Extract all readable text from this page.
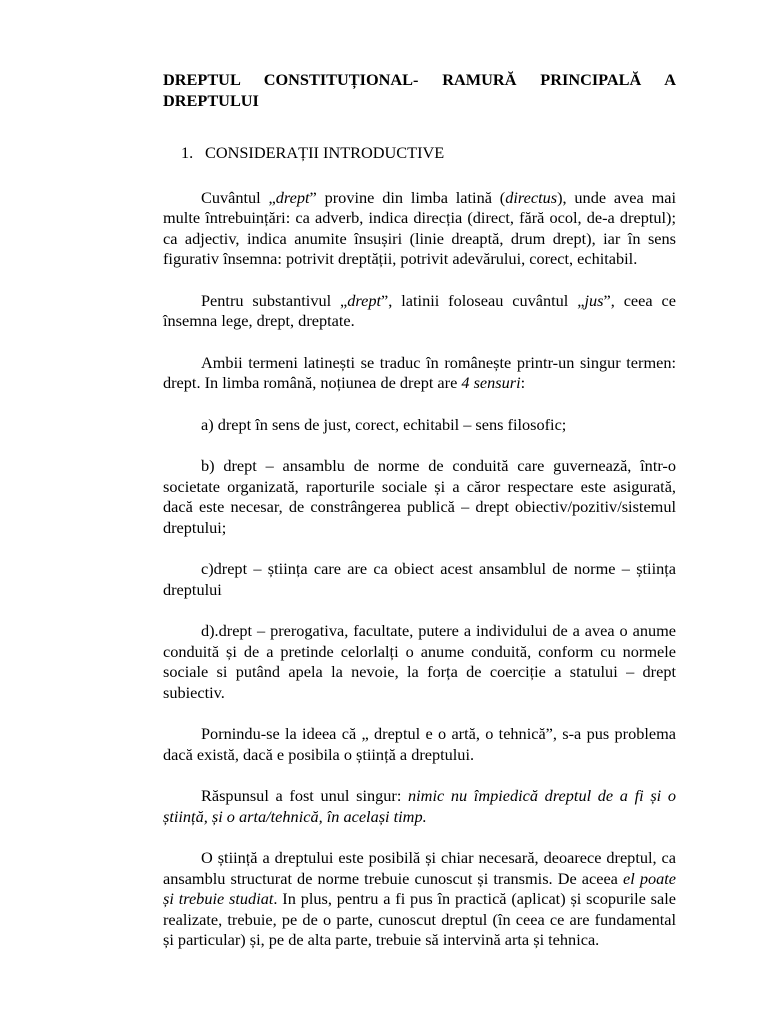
DREPTUL CONSTITUȚIONAL- RAMURĂ PRINCIPALĂ A
DREPTULUI
1. CONSIDERAȚII INTRODUCTIVE

Cuvântul „drept” provine din limba latină (directus), unde avea mai multe întrebuințări: ca adverb, indica direcția (direct, fără ocol, de-a dreptul); ca adjectiv, indica anumite însușiri (linie dreaptă, drum drept), iar în sens figurativ însemna: potrivit dreptății, potrivit adevărului, corect, echitabil.

Pentru substantivul „drept”, latinii foloseau cuvântul „jus”, ceea ce însemna lege, drept, dreptate.

Ambii termeni latinești se traduc în românește printr-un singur termen: drept. In limba română, noțiunea de drept are 4 sensuri:

a) drept în sens de just, corect, echitabil – sens filosofic;

b) drept – ansamblu de norme de conduită care guvernează, într-o societate organizată, raporturile sociale și a căror respectare este asigurată, dacă este necesar, de constrângerea publică – drept obiectiv/pozitiv/sistemul dreptului;

c)drept – știința care are ca obiect acest ansamblul de norme – știința dreptului

d).drept – prerogativa, facultate, putere a individului de a avea o anume conduită și de a pretinde celorlalți o anume conduită, conform cu normele sociale si putând apela la nevoie, la forța de coerciție a statului – drept subiectiv.

Pornindu-se la ideea că „ dreptul e o artă, o tehnică”, s-a pus problema dacă există, dacă e posibila o știință a dreptului.

Răspunsul a fost unul singur: nimic nu împiedică dreptul de a fi și o știință, și o arta/tehnică, în același timp.

O știință a dreptului este posibilă și chiar necesară, deoarece dreptul, ca ansamblu structurat de norme trebuie cunoscut și transmis. De aceea el poate și trebuie studiat. In plus, pentru a fi pus în practică (aplicat) și scopurile sale realizate, trebuie, pe de o parte, cunoscut dreptul (în ceea ce are fundamental și particular) și, pe de alta parte, trebuie să intervină arta și tehnica.
